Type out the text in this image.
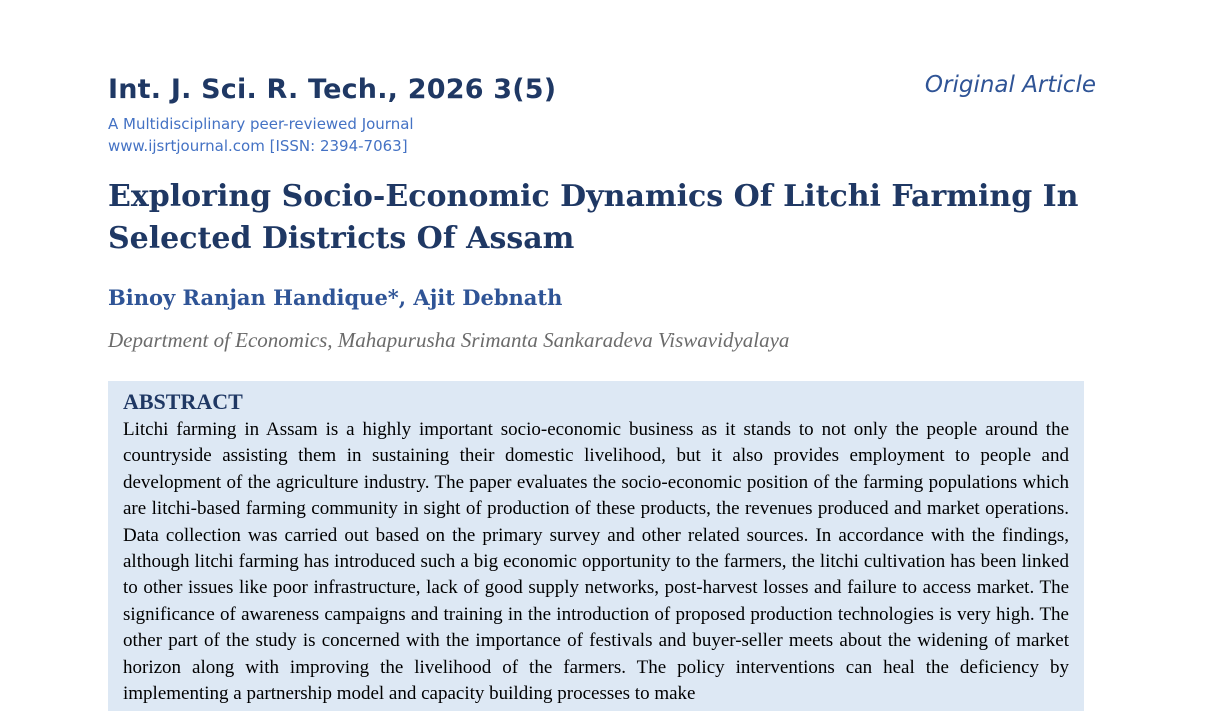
Int. J. Sci. R. Tech., 2026 3(5)	Original Article
A Multidisciplinary peer-reviewed Journal
www.ijsrtjournal.com [ISSN: 2394-7063]
Exploring Socio-Economic Dynamics Of Litchi Farming In Selected Districts Of Assam
Binoy Ranjan Handique*, Ajit Debnath
Department of Economics, Mahapurusha Srimanta Sankaradeva Viswavidyalaya
ABSTRACT
Litchi farming in Assam is a highly important socio-economic business as it stands to not only the people around the countryside assisting them in sustaining their domestic livelihood, but it also provides employment to people and development of the agriculture industry. The paper evaluates the socio-economic position of the farming populations which are litchi-based farming community in sight of production of these products, the revenues produced and market operations. Data collection was carried out based on the primary survey and other related sources. In accordance with the findings, although litchi farming has introduced such a big economic opportunity to the farmers, the litchi cultivation has been linked to other issues like poor infrastructure, lack of good supply networks, post-harvest losses and failure to access market. The significance of awareness campaigns and training in the introduction of proposed production technologies is very high. The other part of the study is concerned with the importance of festivals and buyer-seller meets about the widening of market horizon along with improving the livelihood of the farmers. The policy interventions can heal the deficiency by implementing a partnership model and capacity building processes to make
